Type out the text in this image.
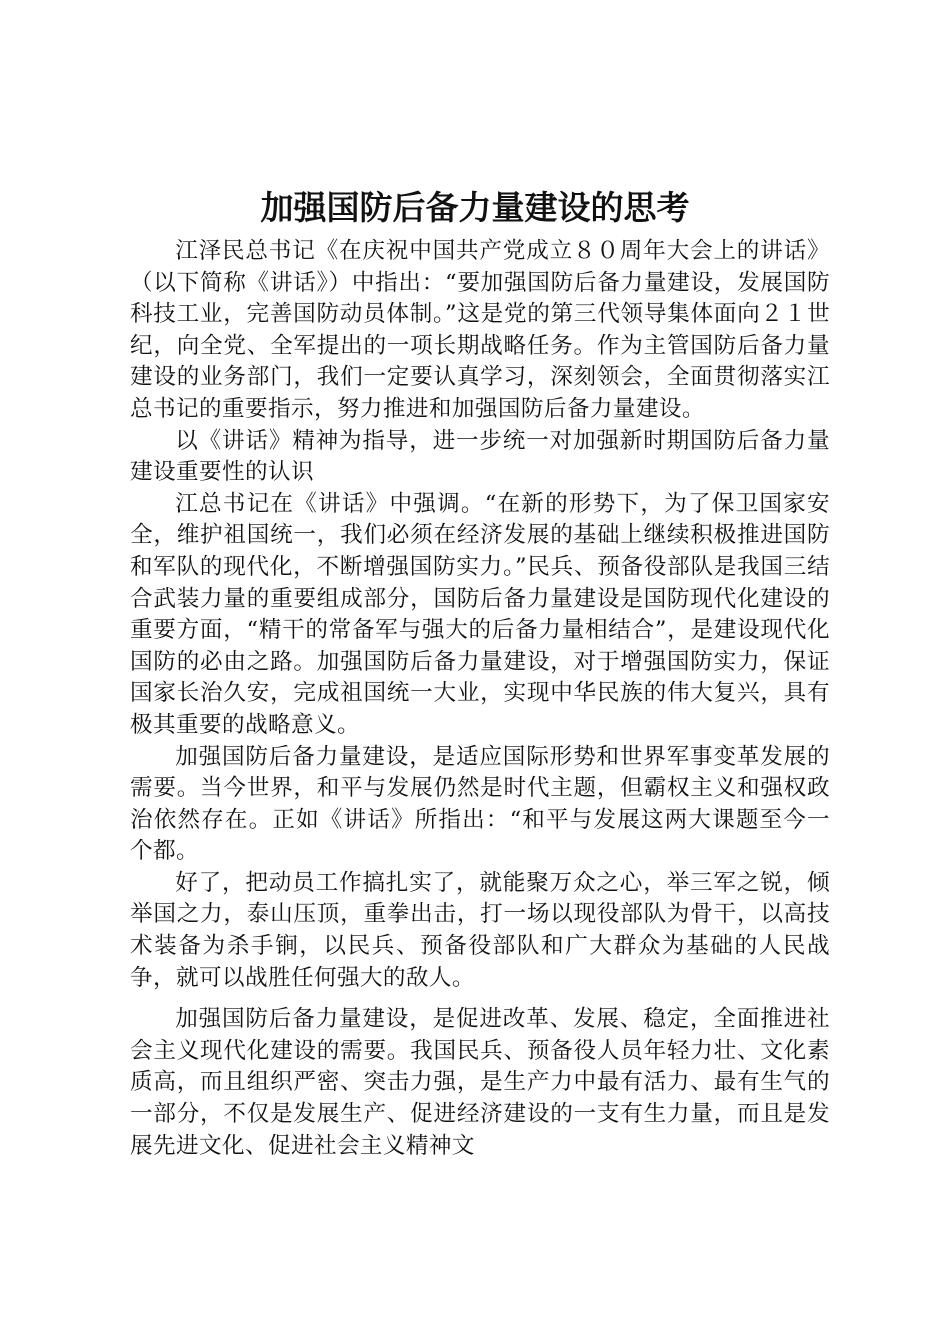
加强国防后备力量建设的思考

江泽民总书记《在庆祝中国共产党成立８０周年大会上的讲话》（以下简称《讲话》）中指出：“要加强国防后备力量建设，发展国防科技工业，完善国防动员体制。”这是党的第三代领导集体面向２１世纪，向全党、全军提出的一项长期战略任务。作为主管国防后备力量建设的业务部门，我们一定要认真学习，深刻领会，全面贯彻落实江总书记的重要指示，努力推进和加强国防后备力量建设。

以《讲话》精神为指导，进一步统一对加强新时期国防后备力量建设重要性的认识

江总书记在《讲话》中强调。“在新的形势下，为了保卫国家安全，维护祖国统一，我们必须在经济发展的基础上继续积极推进国防和军队的现代化，不断增强国防实力。”民兵、预备役部队是我国三结合武装力量的重要组成部分，国防后备力量建设是国防现代化建设的重要方面，“精干的常备军与强大的后备力量相结合”，是建设现代化国防的必由之路。加强国防后备力量建设，对于增强国防实力，保证国家长治久安，完成祖国统一大业，实现中华民族的伟大复兴，具有极其重要的战略意义。

加强国防后备力量建设，是适应国际形势和世界军事变革发展的需要。当今世界，和平与发展仍然是时代主题，但霸权主义和强权政治依然存在。正如《讲话》所指出：“和平与发展这两大课题至今一个都。

好了，把动员工作搞扎实了，就能聚万众之心，举三军之锐，倾举国之力，泰山压顶，重拳出击，打一场以现役部队为骨干，以高技术装备为杀手锏，以民兵、预备役部队和广大群众为基础的人民战争，就可以战胜任何强大的敌人。

加强国防后备力量建设，是促进改革、发展、稳定，全面推进社会主义现代化建设的需要。我国民兵、预备役人员年轻力壮、文化素质高，而且组织严密、突击力强，是生产力中最有活力、最有生气的一部分，不仅是发展生产、促进经济建设的一支有生力量，而且是发展先进文化、促进社会主义精神文
